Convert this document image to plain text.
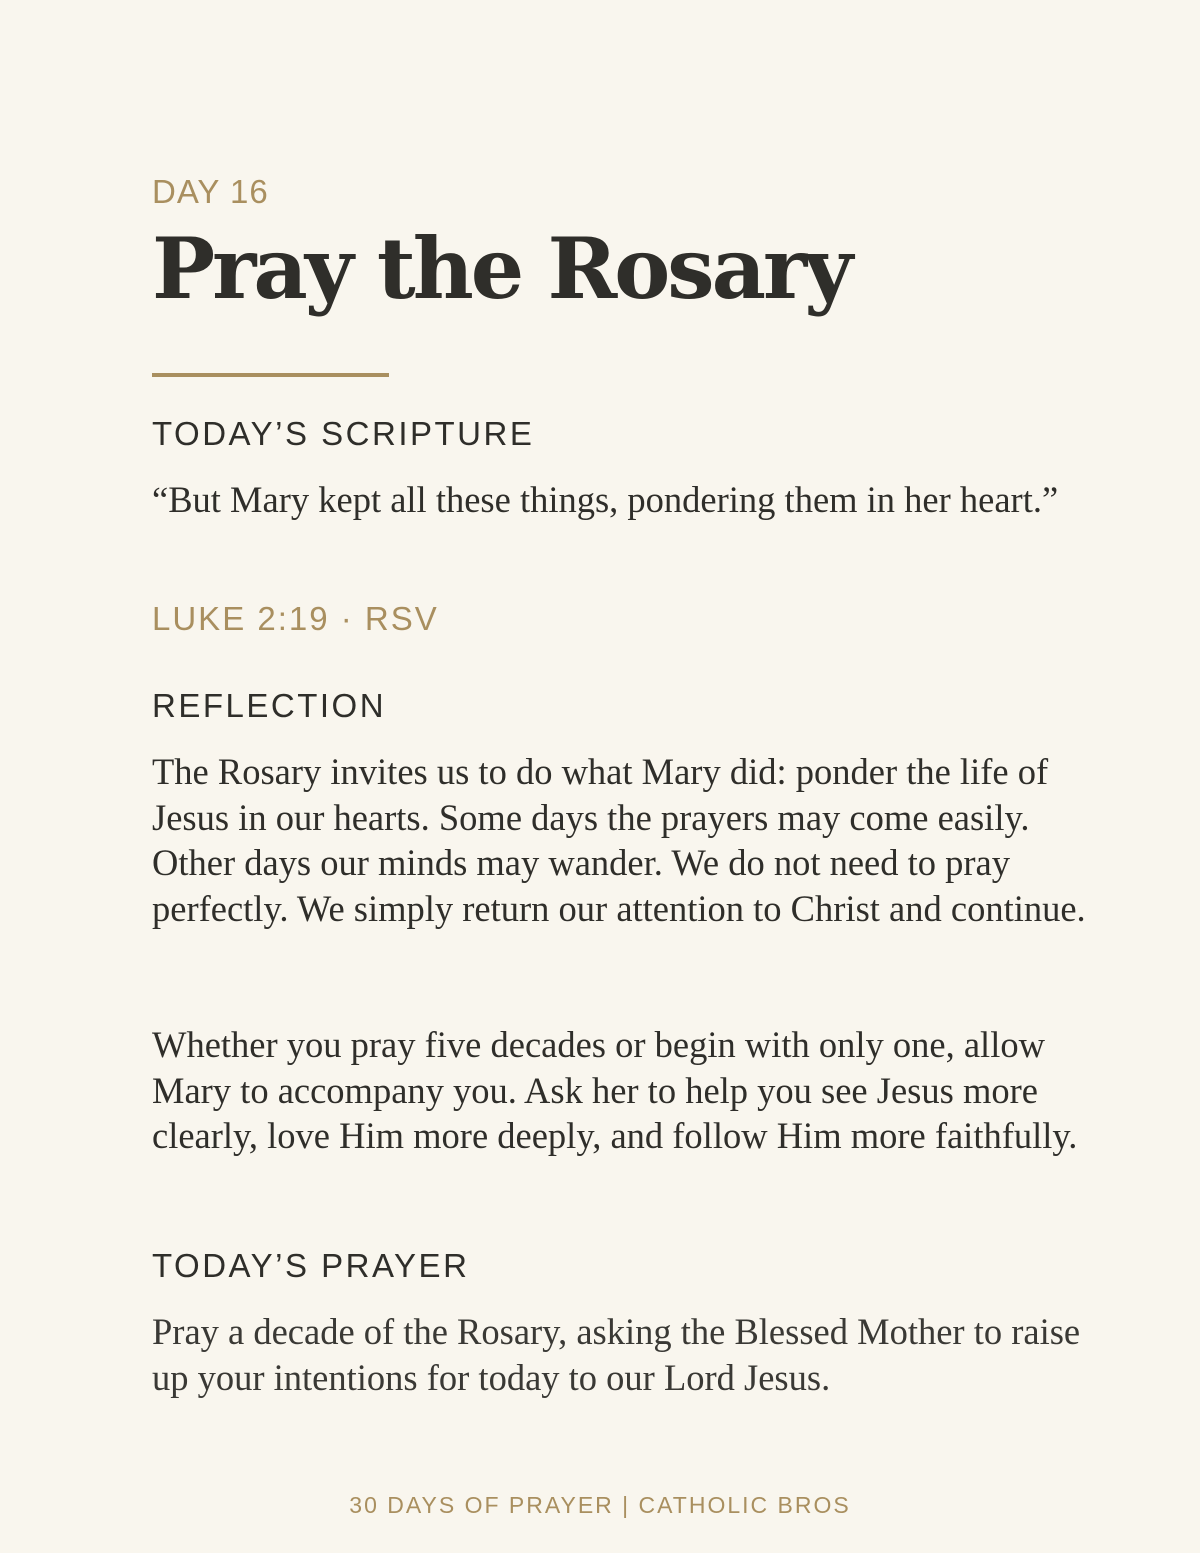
DAY 16
Pray the Rosary
TODAY’S SCRIPTURE

“But Mary kept all these things, pondering them in her heart.”

LUKE 2:19 · RSV
REFLECTION

The Rosary invites us to do what Mary did: ponder the life of Jesus in our hearts. Some days the prayers may come easily. Other days our minds may wander. We do not need to pray perfectly. We simply return our attention to Christ and continue.

Whether you pray five decades or begin with only one, allow Mary to accompany you. Ask her to help you see Jesus more clearly, love Him more deeply, and follow Him more faithfully.

TODAY’S PRAYER

Pray a decade of the Rosary, asking the Blessed Mother to raise up your intentions for today to our Lord Jesus.

30 DAYS OF PRAYER | CATHOLIC BROS
